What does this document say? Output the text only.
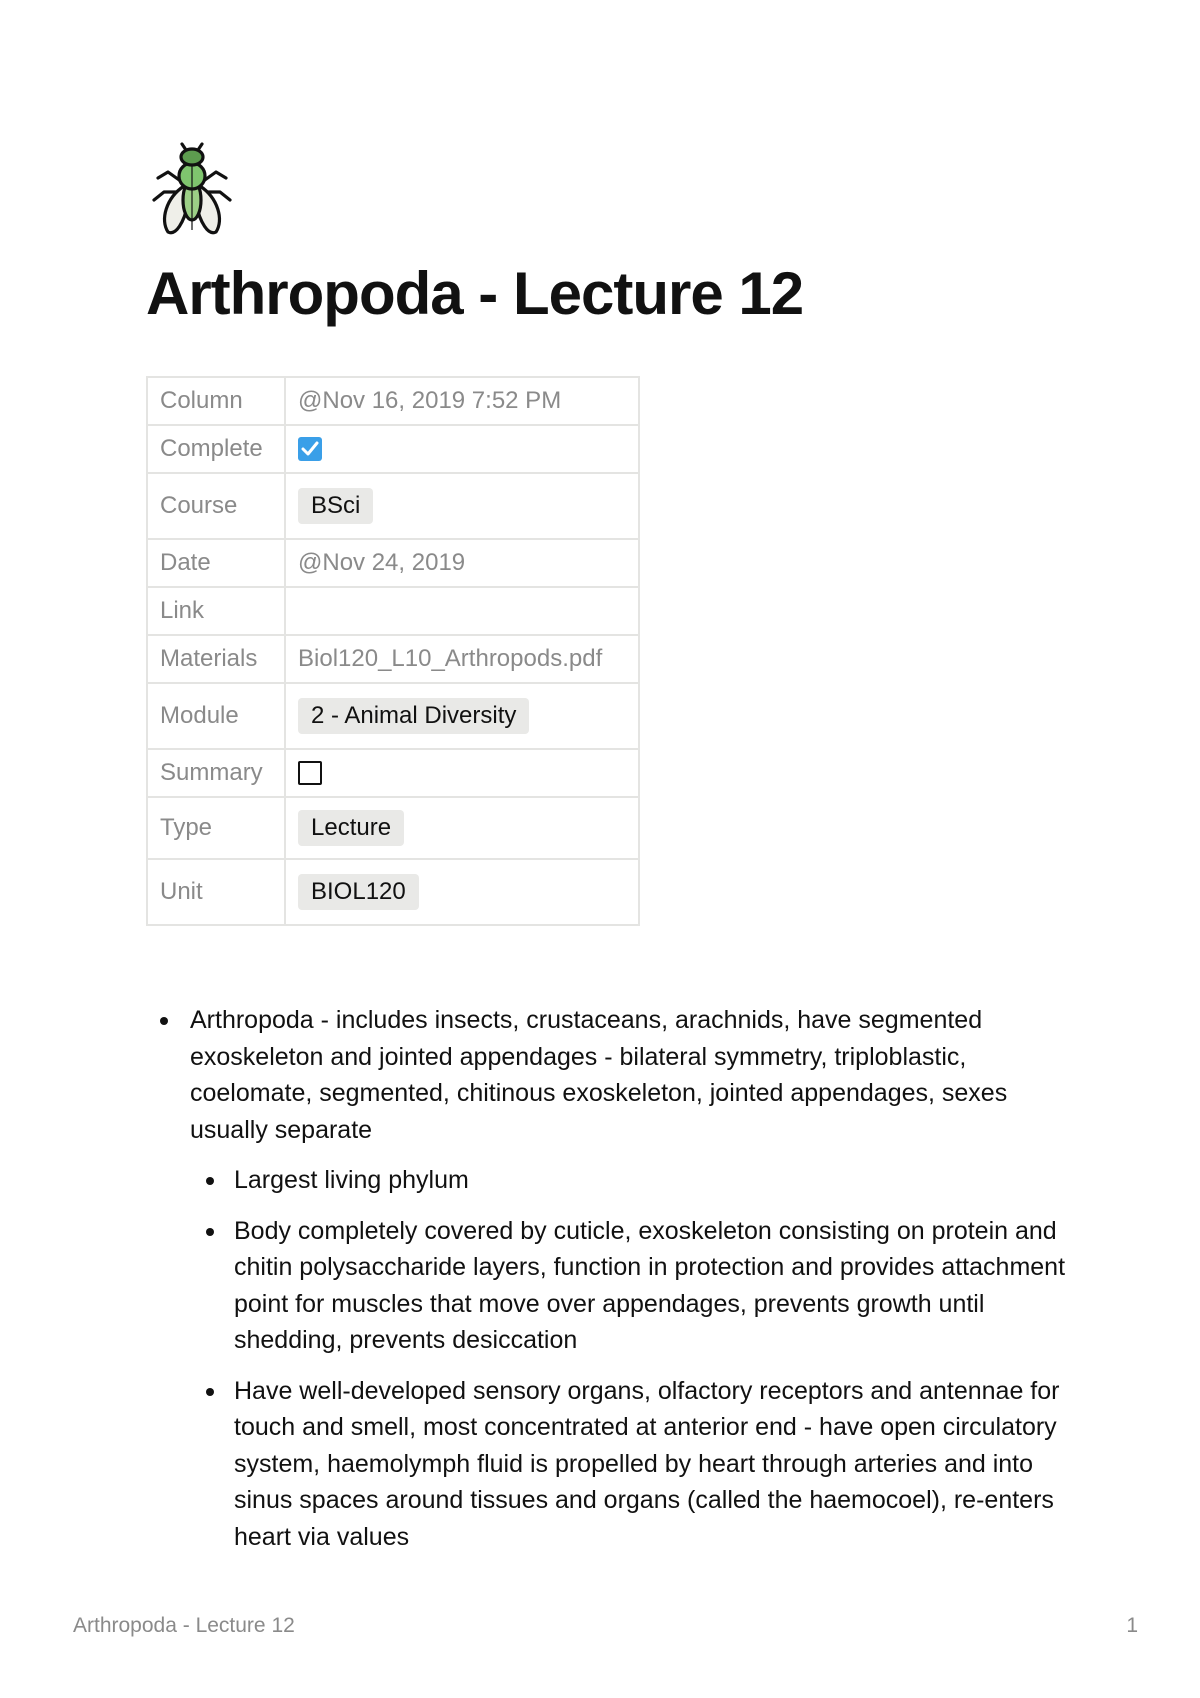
Arthropoda - Lecture 12
Column	@Nov 16, 2019 7:52 PM
Complete	

Course	BSci
Date	@Nov 24, 2019
Link	
Materials	Biol120_L10_Arthropods.pdf
Module	2 - Animal Diversity
Summary	
Type	Lecture
Unit	BIOL120
Arthropoda - includes insects, crustaceans, arachnids, have segmented exoskeleton and jointed appendages - bilateral symmetry, triploblastic, coelomate, segmented, chitinous exoskeleton, jointed appendages, sexes usually separate
Largest living phylum
Body completely covered by cuticle, exoskeleton consisting on protein and chitin polysaccharide layers, function in protection and provides attachment point for muscles that move over appendages, prevents growth until shedding, prevents desiccation
Have well-developed sensory organs, olfactory receptors and antennae for touch and smell, most concentrated at anterior end - have open circulatory system, haemolymph fluid is propelled by heart through arteries and into sinus spaces around tissues and organs (called the haemocoel), re-enters heart via values
Arthropoda - Lecture 12	1
